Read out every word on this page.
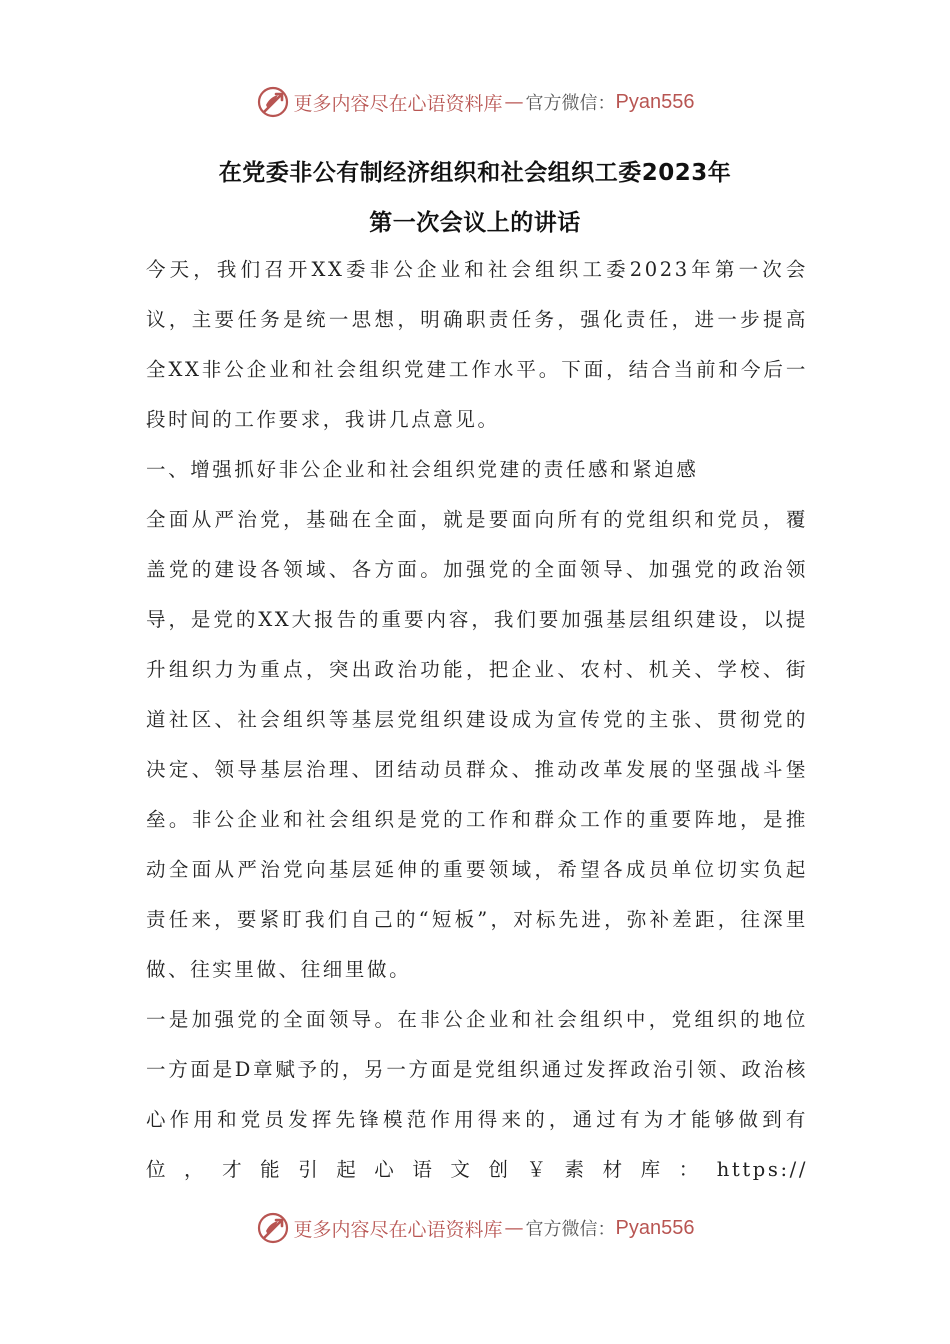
更多内容尽在心语资料库 — 官方微信： Pyan556
在党委非公有制经济组织和社会组织工委2023年
第一次会议上的讲话

今天，我们召开XX委非公企业和社会组织工委2023年第一次会议，主要任务是统一思想，明确职责任务，强化责任，进一步提高全XX非公企业和社会组织党建工作水平。下面，结合当前和今后一段时间的工作要求，我讲几点意见。

一、增强抓好非公企业和社会组织党建的责任感和紧迫感

全面从严治党，基础在全面，就是要面向所有的党组织和党员，覆盖党的建设各领域、各方面。加强党的全面领导、加强党的政治领导，是党的XX大报告的重要内容，我们要加强基层组织建设，以提升组织力为重点，突出政治功能，把企业、农村、机关、学校、街道社区、社会组织等基层党组织建设成为宣传党的主张、贯彻党的决定、领导基层治理、团结动员群众、推动改革发展的坚强战斗堡垒。非公企业和社会组织是党的工作和群众工作的重要阵地，是推动全面从严治党向基层延伸的重要领域，希望各成员单位切实负起责任来，要紧盯我们自己的“短板”，对标先进，弥补差距，往深里做、往实里做、往细里做。

一是加强党的全面领导。在非公企业和社会组织中，党组织的地位一方面是D章赋予的，另一方面是党组织通过发挥政治引领、政治核心作用和党员发挥先锋模范作用得来的，通过有为才能够做到有位，才能引起心语文创￥素材库：https://

更多内容尽在心语资料库 — 官方微信： Pyan556
